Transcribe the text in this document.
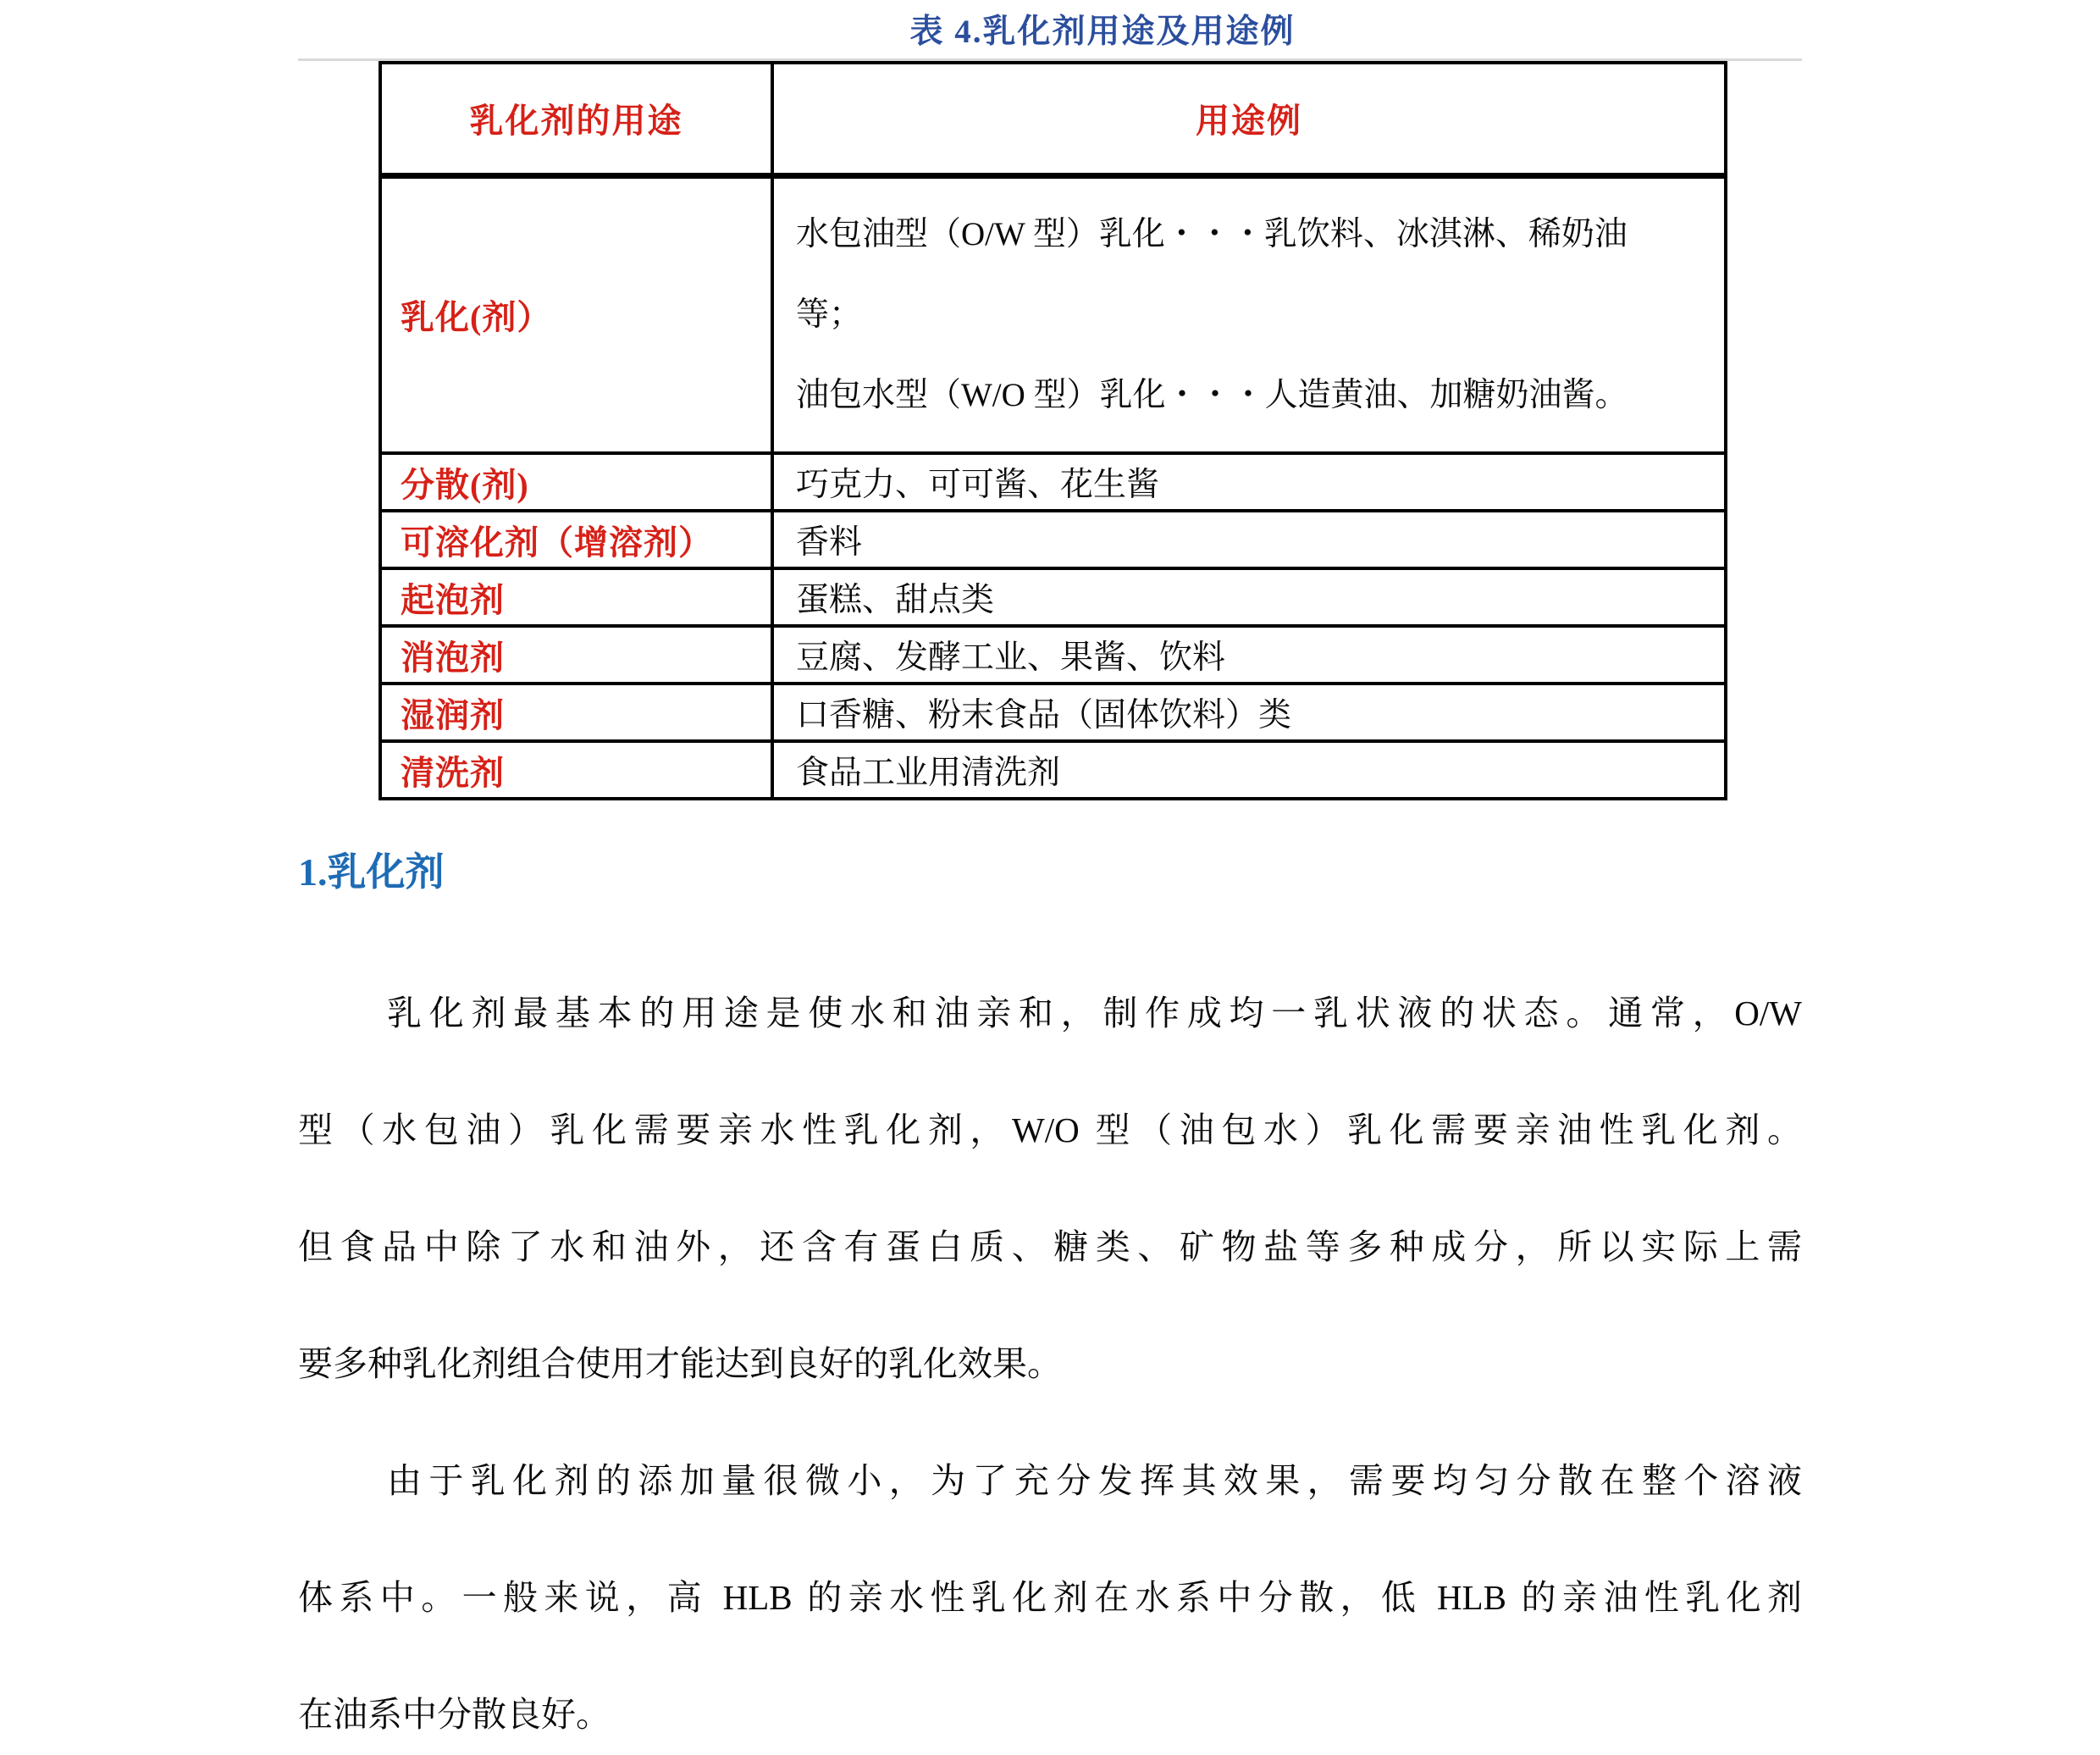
表 4.乳化剂用途及用途例
乳化剂的用途	用途例
乳化(剂）	水包油型（O/W 型）乳化・・・乳饮料、冰淇淋、稀奶油
等；
油包水型（W/O 型）乳化・・・人造黄油、加糖奶油酱。

分散(剂)	巧克力、可可酱、花生酱
可溶化剂（增溶剂）	香料
起泡剂	蛋糕、甜点类
消泡剂	豆腐、发酵工业、果酱、饮料
湿润剂	口香糖、粉末食品（固体饮料）类
清洗剂	食品工业用清洗剂
1.乳化剂
乳化剂最基本的用途是使水和油亲和，制作成均一乳状液的状态。通常，O/W
型（水包油）乳化需要亲水性乳化剂，W/O 型（油包水）乳化需要亲油性乳化剂。
但食品中除了水和油外，还含有蛋白质、糖类、矿物盐等多种成分，所以实际上需
要多种乳化剂组合使用才能达到良好的乳化效果。
由于乳化剂的添加量很微小，为了充分发挥其效果，需要均匀分散在整个溶液
体系中。一般来说，高 HLB 的亲水性乳化剂在水系中分散，低 HLB 的亲油性乳化剂
在油系中分散良好。
